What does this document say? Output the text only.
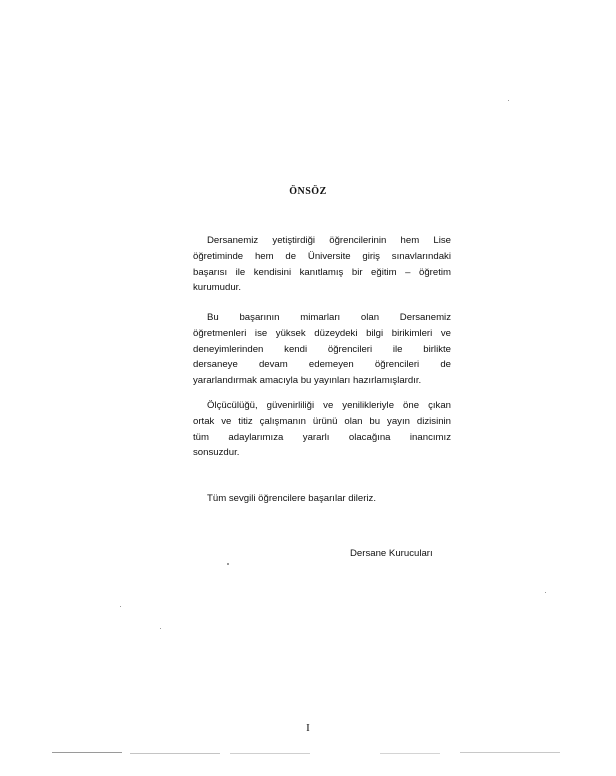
ÖNSÖZ
Dersanemiz yetiştirdiği öğrencilerinin hem Lise
öğretiminde hem de Üniversite giriş sınavlarındaki
başarısı ile kendisini kanıtlamış bir eğitim – öğretim
kurumudur.
Bu başarının mimarları olan Dersanemiz
öğretmenleri ise yüksek düzeydeki bilgi birikimleri ve
deneyimlerinden kendi öğrencileri ile birlikte
dersaneye devam edemeyen öğrencileri de
yararlandırmak amacıyla bu yayınları hazırlamışlardır.
Ölçücülüğü, güvenirliliği ve yenilikleriyle öne çıkan
ortak ve titiz çalışmanın ürünü olan bu yayın dizisinin
tüm adaylarımıza yararlı olacağına inancımız
sonsuzdur.
Tüm sevgili öğrencilere başarılar dileriz.
Dersane Kurucuları
I
